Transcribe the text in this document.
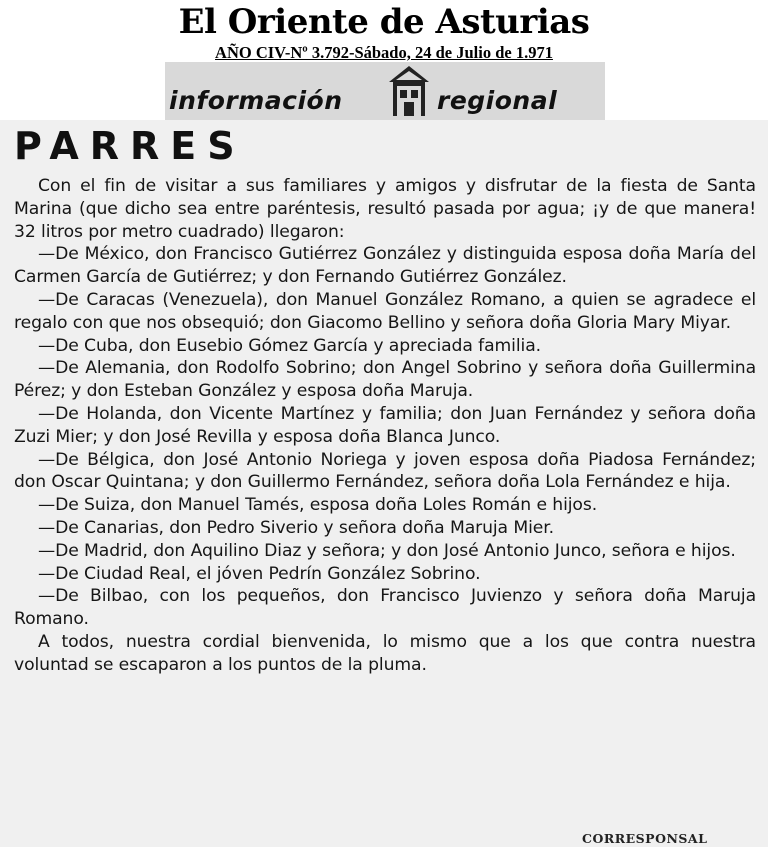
El Oriente de Asturias
AÑO CIV-Nº 3.792-Sábado, 24 de Julio de 1.971
información	regional
PARRES

Con el fin de visitar a sus familiares y amigos y disfrutar de la fiesta de Santa Marina (que dicho sea entre paréntesis, resultó pasada por agua; ¡y de que manera! 32 litros por metro cuadrado) llegaron:

—De México, don Francisco Gutiérrez González y distinguida esposa doña María del Carmen García de Gutiérrez; y don Fernando Gutiérrez González.

—De Caracas (Venezuela), don Manuel González Romano, a quien se agradece el regalo con que nos obsequió; don Giacomo Bellino y señora doña Gloria Mary Miyar.

—De Cuba, don Eusebio Gómez García y apreciada familia.

—De Alemania, don Rodolfo Sobrino; don Angel Sobrino y señora doña Guillermina Pérez; y don Esteban González y esposa doña Maruja.

—De Holanda, don Vicente Martínez y familia; don Juan Fernández y señora doña Zuzi Mier; y don José Revilla y esposa doña Blanca Junco.

—De Bélgica, don José Antonio Noriega y joven esposa doña Piadosa Fernández; don Oscar Quintana; y don Guillermo Fernández, señora doña Lola Fernández e hija.

—De Suiza, don Manuel Tamés, esposa doña Loles Román e hijos.

—De Canarias, don Pedro Siverio y señora doña Maruja Mier.

—De Madrid, don Aquilino Diaz y señora; y don José Antonio Junco, señora e hijos.

—De Ciudad Real, el jóven Pedrín González Sobrino.

—De Bilbao, con los pequeños, don Francisco Juvienzo y señora doña Maruja Romano.

A todos, nuestra cordial bienvenida, lo mismo que a los que contra nuestra voluntad se escaparon a los puntos de la pluma.

CORRESPONSAL
